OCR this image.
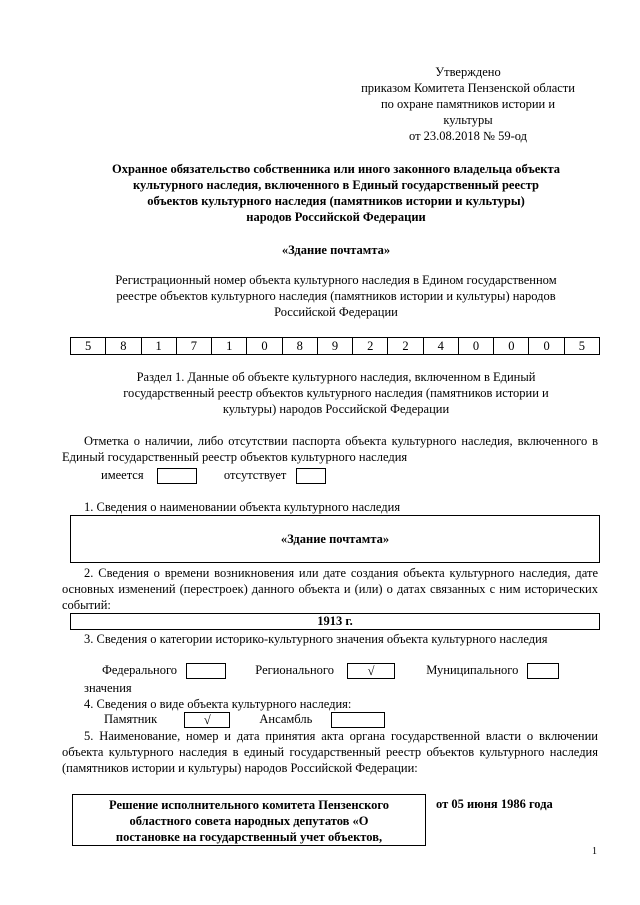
Утверждено
приказом Комитета Пензенской области
по охране памятников истории и
культуры
от 23.08.2018 № 59-од
Охранное обязательство собственника или иного законного владельца объекта
культурного наследия, включенного в Единый государственный реестр
объектов культурного наследия (памятников истории и культуры)
народов Российской Федерации
«Здание почтамта»
Регистрационный номер объекта культурного наследия в Едином государственном
реестре объектов культурного наследия (памятников истории и культуры) народов
Российской Федерации
5	8	1	7	1	0	8	9	2	2	4	0	0	0	5
Раздел 1. Данные об объекте культурного наследия, включенном в Единый
государственный реестр объектов культурного наследия (памятников истории и
культуры) народов Российской Федерации
Отметка о наличии, либо отсутствии паспорта объекта культурного наследия, включенного в Единый государственный реестр объектов культурного наследия
имеется	отсутствует
1. Сведения о наименовании объекта культурного наследия
«Здание почтамта»
2. Сведения о времени возникновения или дате создания объекта культурного наследия, дате основных изменений (перестроек) данного объекта и (или) о датах связанных с ним исторических событий:
1913 г.
3. Сведения о категории историко-культурного значения объекта культурного наследия
Федерального	Регионального	√	Муниципального
значения
4. Сведения о виде объекта культурного наследия:
Памятник	√	Ансамбль
5. Наименование, номер и дата принятия акта органа государственной власти о включении объекта культурного наследия в единый государственный реестр объектов культурного наследия (памятников истории и культуры) народов Российской Федерации:
Решение исполнительного комитета Пензенского
областного совета народных депутатов «О
постановке на государственный учет объектов,
от 05 июня 1986 года
1
